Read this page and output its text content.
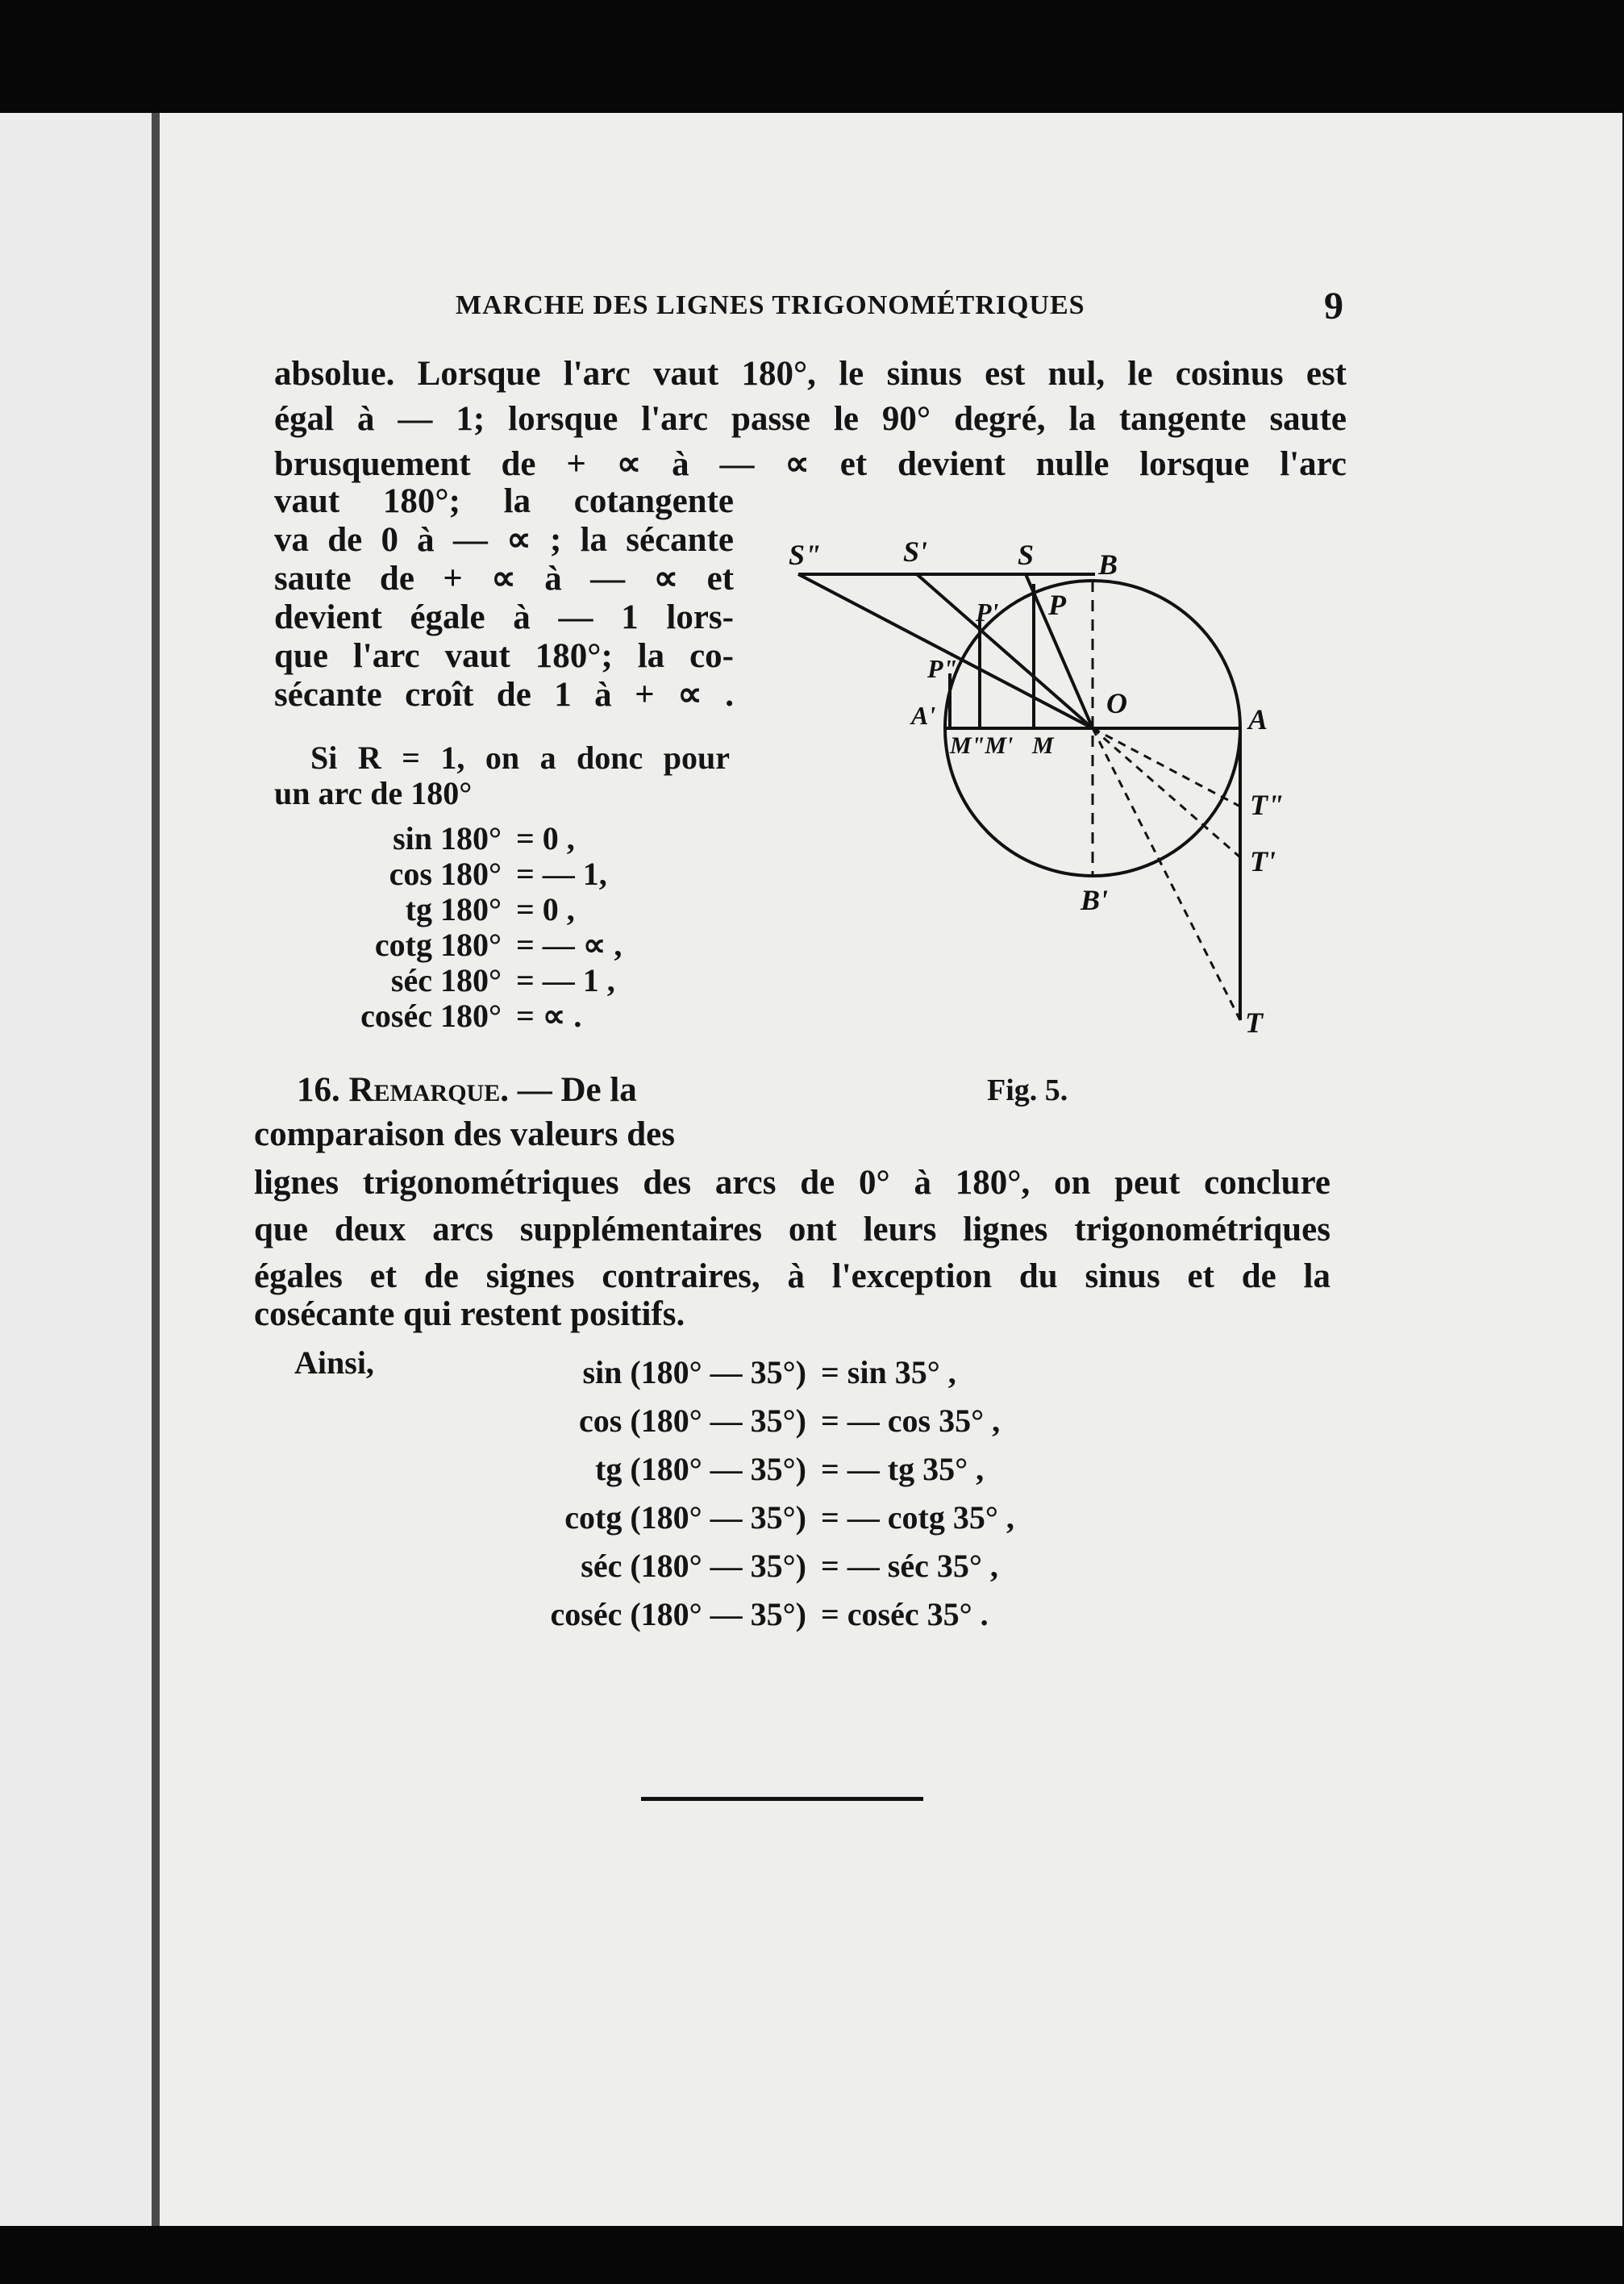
MARCHE DES LIGNES TRIGONOMÉTRIQUES	9
absolue. Lorsque l'arc vaut 180°, le sinus est nul, le cosinus est
égal à — 1; lorsque l'arc passe le 90° degré, la tangente saute
brusquement de + ∝ à — ∝ et devient nulle lorsque l'arc
vaut 180°; la cotangente
va de 0 à — ∝ ; la sécante
saute de + ∝ à — ∝ et
devient égale à — 1 lors-
que l'arc vaut 180°; la co-
sécante croît de 1 à + ∝ .
Si R = 1, on a donc pour
un arc de 180°
sin 180° = 0 ,
cos 180° = — 1,
tg 180° = 0 ,
cotg 180° = — ∝ ,
séc 180° = — 1 ,
coséc 180° = ∝ .
S"	S'	S B
P' P
P"
O
A'	A
M"M' M
T"
T'
B'
T
Fig. 5.
16. Remarque. — De la
comparaison des valeurs des
lignes trigonométriques des arcs de 0° à 180°, on peut conclure
que deux arcs supplémentaires ont leurs lignes trigonométriques
égales et de signes contraires, à l'exception du sinus et de la
cosécante qui restent positifs.
Ainsi,	sin (180° — 35°) = sin 35° ,
cos (180° — 35°) = — cos 35° ,
tg (180° — 35°) = — tg 35° ,
cotg (180° — 35°) = — cotg 35° ,
séc (180° — 35°) = — séc 35° ,
coséc (180° — 35°) = coséc 35° .
